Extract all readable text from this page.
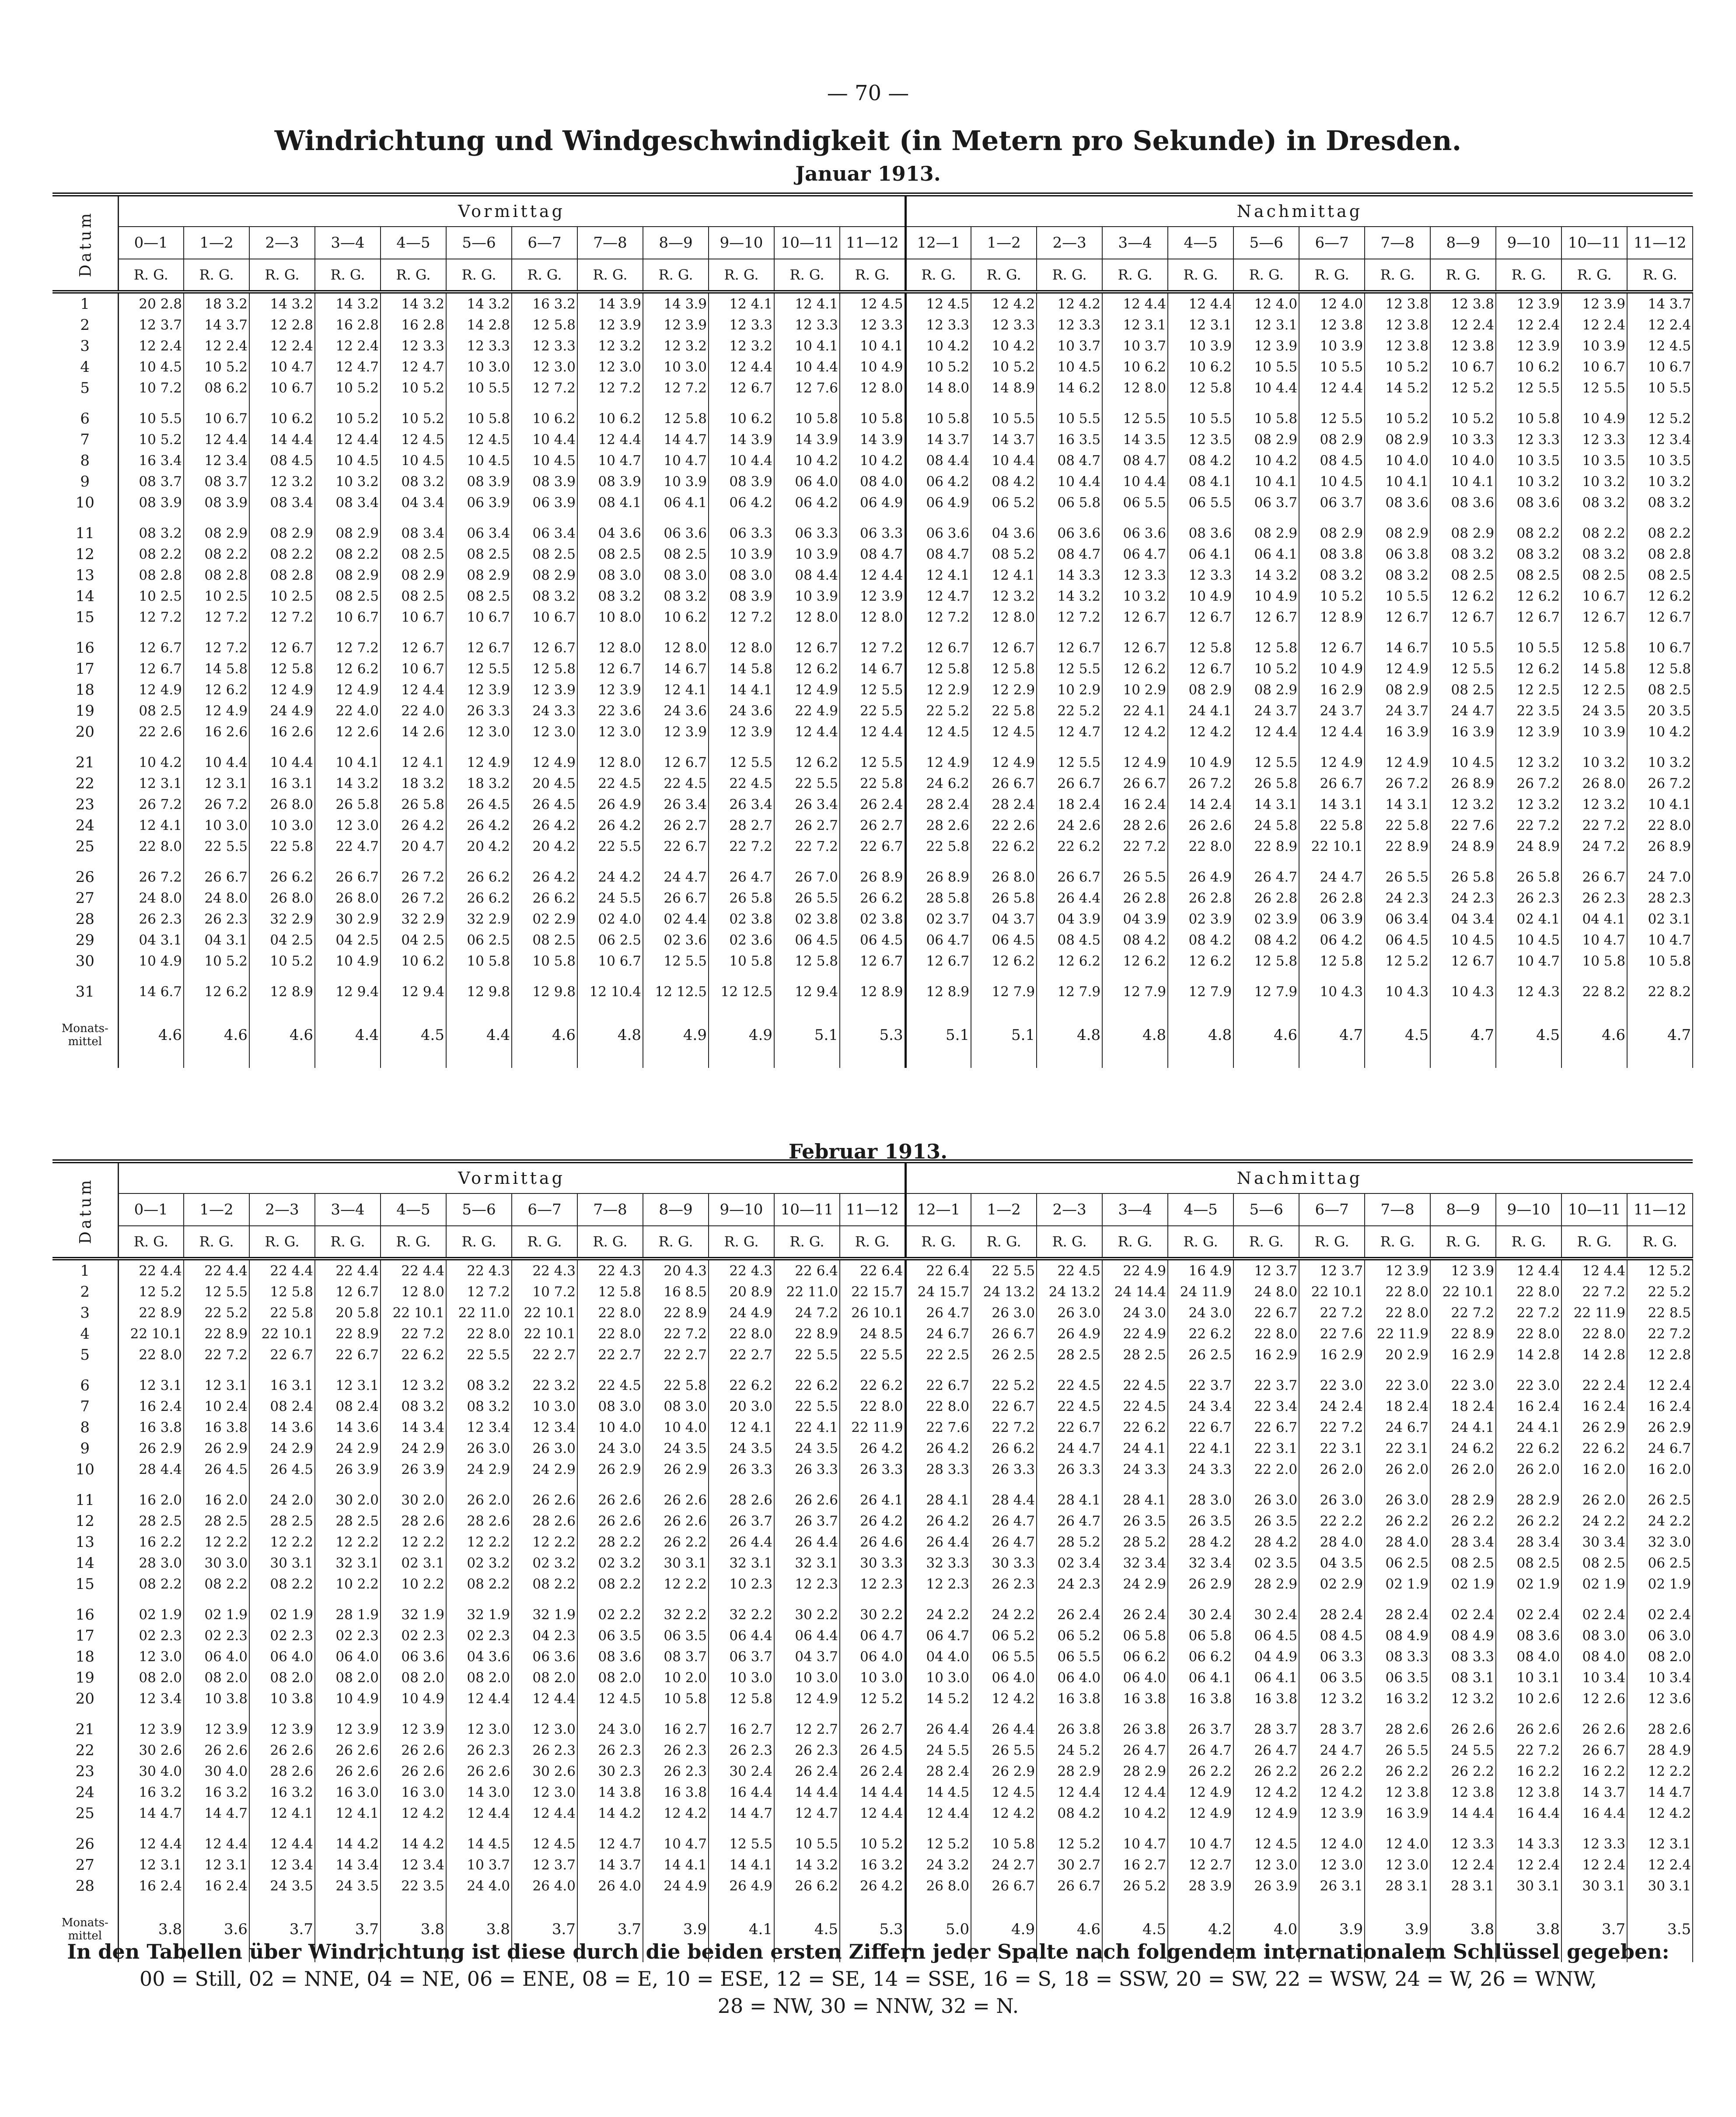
— 70 —
Windrichtung und Windgeschwindigkeit (in Metern pro Sekunde) in Dresden.
Januar 1913.
Datum	Vormittag												Nachmittag											
	0—1	1—2	2—3	3—4	4—5	5—6	6—7	7—8	8—9	9—10	10—11	11—12	12—1	1—2	2—3	3—4	4—5	5—6	6—7	7—8	8—9	9—10	10—11	11—12
	R. G.	R. G.	R. G.	R. G.	R. G.	R. G.	R. G.	R. G.	R. G.	R. G.	R. G.	R. G.	R. G.	R. G.	R. G.	R. G.	R. G.	R. G.	R. G.	R. G.	R. G.	R. G.	R. G.	R. G.
1	20 2.8	18 3.2	14 3.2	14 3.2	14 3.2	14 3.2	16 3.2	14 3.9	14 3.9	12 4.1	12 4.1	12 4.5	12 4.5	12 4.2	12 4.2	12 4.4	12 4.4	12 4.0	12 4.0	12 3.8	12 3.8	12 3.9	12 3.9	14 3.7
2	12 3.7	14 3.7	12 2.8	16 2.8	16 2.8	14 2.8	12 5.8	12 3.9	12 3.9	12 3.3	12 3.3	12 3.3	12 3.3	12 3.3	12 3.3	12 3.1	12 3.1	12 3.1	12 3.8	12 3.8	12 2.4	12 2.4	12 2.4	12 2.4
3	12 2.4	12 2.4	12 2.4	12 2.4	12 3.3	12 3.3	12 3.3	12 3.2	12 3.2	12 3.2	10 4.1	10 4.1	10 4.2	10 4.2	10 3.7	10 3.7	10 3.9	12 3.9	10 3.9	12 3.8	12 3.8	12 3.9	10 3.9	12 4.5
4	10 4.5	10 5.2	10 4.7	12 4.7	12 4.7	10 3.0	12 3.0	12 3.0	10 3.0	12 4.4	10 4.4	10 4.9	10 5.2	10 5.2	10 4.5	10 6.2	10 6.2	10 5.5	10 5.5	10 5.2	10 6.7	10 6.2	10 6.7	10 6.7
5	10 7.2	08 6.2	10 6.7	10 5.2	10 5.2	10 5.5	12 7.2	12 7.2	12 7.2	12 6.7	12 7.6	12 8.0	14 8.0	14 8.9	14 6.2	12 8.0	12 5.8	10 4.4	12 4.4	14 5.2	12 5.2	12 5.5	12 5.5	10 5.5

6	10 5.5	10 6.7	10 6.2	10 5.2	10 5.2	10 5.8	10 6.2	10 6.2	12 5.8	10 6.2	10 5.8	10 5.8	10 5.8	10 5.5	10 5.5	12 5.5	10 5.5	10 5.8	12 5.5	10 5.2	10 5.2	10 5.8	10 4.9	12 5.2
7	10 5.2	12 4.4	14 4.4	12 4.4	12 4.5	12 4.5	10 4.4	12 4.4	14 4.7	14 3.9	14 3.9	14 3.9	14 3.7	14 3.7	16 3.5	14 3.5	12 3.5	08 2.9	08 2.9	08 2.9	10 3.3	12 3.3	12 3.3	12 3.4
8	16 3.4	12 3.4	08 4.5	10 4.5	10 4.5	10 4.5	10 4.5	10 4.7	10 4.7	10 4.4	10 4.2	10 4.2	08 4.4	10 4.4	08 4.7	08 4.7	08 4.2	10 4.2	08 4.5	10 4.0	10 4.0	10 3.5	10 3.5	10 3.5
9	08 3.7	08 3.7	12 3.2	10 3.2	08 3.2	08 3.9	08 3.9	08 3.9	10 3.9	08 3.9	06 4.0	08 4.0	06 4.2	08 4.2	10 4.4	10 4.4	08 4.1	10 4.1	10 4.5	10 4.1	10 4.1	10 3.2	10 3.2	10 3.2
10	08 3.9	08 3.9	08 3.4	08 3.4	04 3.4	06 3.9	06 3.9	08 4.1	06 4.1	06 4.2	06 4.2	06 4.9	06 4.9	06 5.2	06 5.8	06 5.5	06 5.5	06 3.7	06 3.7	08 3.6	08 3.6	08 3.6	08 3.2	08 3.2

11	08 3.2	08 2.9	08 2.9	08 2.9	08 3.4	06 3.4	06 3.4	04 3.6	06 3.6	06 3.3	06 3.3	06 3.3	06 3.6	04 3.6	06 3.6	06 3.6	08 3.6	08 2.9	08 2.9	08 2.9	08 2.9	08 2.2	08 2.2	08 2.2
12	08 2.2	08 2.2	08 2.2	08 2.2	08 2.5	08 2.5	08 2.5	08 2.5	08 2.5	10 3.9	10 3.9	08 4.7	08 4.7	08 5.2	08 4.7	06 4.7	06 4.1	06 4.1	08 3.8	06 3.8	08 3.2	08 3.2	08 3.2	08 2.8
13	08 2.8	08 2.8	08 2.8	08 2.9	08 2.9	08 2.9	08 2.9	08 3.0	08 3.0	08 3.0	08 4.4	12 4.4	12 4.1	12 4.1	14 3.3	12 3.3	12 3.3	14 3.2	08 3.2	08 3.2	08 2.5	08 2.5	08 2.5	08 2.5
14	10 2.5	10 2.5	10 2.5	08 2.5	08 2.5	08 2.5	08 3.2	08 3.2	08 3.2	08 3.9	10 3.9	12 3.9	12 4.7	12 3.2	14 3.2	10 3.2	10 4.9	10 4.9	10 5.2	10 5.5	12 6.2	12 6.2	10 6.7	12 6.2
15	12 7.2	12 7.2	12 7.2	10 6.7	10 6.7	10 6.7	10 6.7	10 8.0	10 6.2	12 7.2	12 8.0	12 8.0	12 7.2	12 8.0	12 7.2	12 6.7	12 6.7	12 6.7	12 8.9	12 6.7	12 6.7	12 6.7	12 6.7	12 6.7

16	12 6.7	12 7.2	12 6.7	12 7.2	12 6.7	12 6.7	12 6.7	12 8.0	12 8.0	12 8.0	12 6.7	12 7.2	12 6.7	12 6.7	12 6.7	12 6.7	12 5.8	12 5.8	12 6.7	14 6.7	10 5.5	10 5.5	12 5.8	10 6.7
17	12 6.7	14 5.8	12 5.8	12 6.2	10 6.7	12 5.5	12 5.8	12 6.7	14 6.7	14 5.8	12 6.2	14 6.7	12 5.8	12 5.8	12 5.5	12 6.2	12 6.7	10 5.2	10 4.9	12 4.9	12 5.5	12 6.2	14 5.8	12 5.8
18	12 4.9	12 6.2	12 4.9	12 4.9	12 4.4	12 3.9	12 3.9	12 3.9	12 4.1	14 4.1	12 4.9	12 5.5	12 2.9	12 2.9	10 2.9	10 2.9	08 2.9	08 2.9	16 2.9	08 2.9	08 2.5	12 2.5	12 2.5	08 2.5
19	08 2.5	12 4.9	24 4.9	22 4.0	22 4.0	26 3.3	24 3.3	22 3.6	24 3.6	24 3.6	22 4.9	22 5.5	22 5.2	22 5.8	22 5.2	22 4.1	24 4.1	24 3.7	24 3.7	24 3.7	24 4.7	22 3.5	24 3.5	20 3.5
20	22 2.6	16 2.6	16 2.6	12 2.6	14 2.6	12 3.0	12 3.0	12 3.0	12 3.9	12 3.9	12 4.4	12 4.4	12 4.5	12 4.5	12 4.7	12 4.2	12 4.2	12 4.4	12 4.4	16 3.9	16 3.9	12 3.9	10 3.9	10 4.2

21	10 4.2	10 4.4	10 4.4	10 4.1	12 4.1	12 4.9	12 4.9	12 8.0	12 6.7	12 5.5	12 6.2	12 5.5	12 4.9	12 4.9	12 5.5	12 4.9	10 4.9	12 5.5	12 4.9	12 4.9	10 4.5	12 3.2	10 3.2	10 3.2
22	12 3.1	12 3.1	16 3.1	14 3.2	18 3.2	18 3.2	20 4.5	22 4.5	22 4.5	22 4.5	22 5.5	22 5.8	24 6.2	26 6.7	26 6.7	26 6.7	26 7.2	26 5.8	26 6.7	26 7.2	26 8.9	26 7.2	26 8.0	26 7.2
23	26 7.2	26 7.2	26 8.0	26 5.8	26 5.8	26 4.5	26 4.5	26 4.9	26 3.4	26 3.4	26 3.4	26 2.4	28 2.4	28 2.4	18 2.4	16 2.4	14 2.4	14 3.1	14 3.1	14 3.1	12 3.2	12 3.2	12 3.2	10 4.1
24	12 4.1	10 3.0	10 3.0	12 3.0	26 4.2	26 4.2	26 4.2	26 4.2	26 2.7	28 2.7	26 2.7	26 2.7	28 2.6	22 2.6	24 2.6	28 2.6	26 2.6	24 5.8	22 5.8	22 5.8	22 7.6	22 7.2	22 7.2	22 8.0
25	22 8.0	22 5.5	22 5.8	22 4.7	20 4.7	20 4.2	20 4.2	22 5.5	22 6.7	22 7.2	22 7.2	22 6.7	22 5.8	22 6.2	22 6.2	22 7.2	22 8.0	22 8.9	22 10.1	22 8.9	24 8.9	24 8.9	24 7.2	26 8.9

26	26 7.2	26 6.7	26 6.2	26 6.7	26 7.2	26 6.2	26 4.2	24 4.2	24 4.7	26 4.7	26 7.0	26 8.9	26 8.9	26 8.0	26 6.7	26 5.5	26 4.9	26 4.7	24 4.7	26 5.5	26 5.8	26 5.8	26 6.7	24 7.0
27	24 8.0	24 8.0	26 8.0	26 8.0	26 7.2	26 6.2	26 6.2	24 5.5	26 6.7	26 5.8	26 5.5	26 6.2	28 5.8	26 5.8	26 4.4	26 2.8	26 2.8	26 2.8	26 2.8	24 2.3	24 2.3	26 2.3	26 2.3	28 2.3
28	26 2.3	26 2.3	32 2.9	30 2.9	32 2.9	32 2.9	02 2.9	02 4.0	02 4.4	02 3.8	02 3.8	02 3.8	02 3.7	04 3.7	04 3.9	04 3.9	02 3.9	02 3.9	06 3.9	06 3.4	04 3.4	02 4.1	04 4.1	02 3.1
29	04 3.1	04 3.1	04 2.5	04 2.5	04 2.5	06 2.5	08 2.5	06 2.5	02 3.6	02 3.6	06 4.5	06 4.5	06 4.7	06 4.5	08 4.5	08 4.2	08 4.2	08 4.2	06 4.2	06 4.5	10 4.5	10 4.5	10 4.7	10 4.7
30	10 4.9	10 5.2	10 5.2	10 4.9	10 6.2	10 5.8	10 5.8	10 6.7	12 5.5	10 5.8	12 5.8	12 6.7	12 6.7	12 6.2	12 6.2	12 6.2	12 6.2	12 5.8	12 5.8	12 5.2	12 6.7	10 4.7	10 5.8	10 5.8

31	14 6.7	12 6.2	12 8.9	12 9.4	12 9.4	12 9.8	12 9.8	12 10.4	12 12.5	12 12.5	12 9.4	12 8.9	12 8.9	12 7.9	12 7.9	12 7.9	12 7.9	12 7.9	10 4.3	10 4.3	10 4.3	12 4.3	22 8.2	22 8.2
Monats-
mittel	4.6	4.6	4.6	4.4	4.5	4.4	4.6	4.8	4.9	4.9	5.1	5.3	5.1	5.1	4.8	4.8	4.8	4.6	4.7	4.5	4.7	4.5	4.6	4.7
Februar 1913.
Datum	Vormittag												Nachmittag											
	0—1	1—2	2—3	3—4	4—5	5—6	6—7	7—8	8—9	9—10	10—11	11—12	12—1	1—2	2—3	3—4	4—5	5—6	6—7	7—8	8—9	9—10	10—11	11—12
	R. G.	R. G.	R. G.	R. G.	R. G.	R. G.	R. G.	R. G.	R. G.	R. G.	R. G.	R. G.	R. G.	R. G.	R. G.	R. G.	R. G.	R. G.	R. G.	R. G.	R. G.	R. G.	R. G.	R. G.
1	22 4.4	22 4.4	22 4.4	22 4.4	22 4.4	22 4.3	22 4.3	22 4.3	20 4.3	22 4.3	22 6.4	22 6.4	22 6.4	22 5.5	22 4.5	22 4.9	16 4.9	12 3.7	12 3.7	12 3.9	12 3.9	12 4.4	12 4.4	12 5.2
2	12 5.2	12 5.5	12 5.8	12 6.7	12 8.0	12 7.2	10 7.2	12 5.8	16 8.5	20 8.9	22 11.0	22 15.7	24 15.7	24 13.2	24 13.2	24 14.4	24 11.9	24 8.0	22 10.1	22 8.0	22 10.1	22 8.0	22 7.2	22 5.2
3	22 8.9	22 5.2	22 5.8	20 5.8	22 10.1	22 11.0	22 10.1	22 8.0	22 8.9	24 4.9	24 7.2	26 10.1	26 4.7	26 3.0	26 3.0	24 3.0	24 3.0	22 6.7	22 7.2	22 8.0	22 7.2	22 7.2	22 11.9	22 8.5
4	22 10.1	22 8.9	22 10.1	22 8.9	22 7.2	22 8.0	22 10.1	22 8.0	22 7.2	22 8.0	22 8.9	24 8.5	24 6.7	26 6.7	26 4.9	22 4.9	22 6.2	22 8.0	22 7.6	22 11.9	22 8.9	22 8.0	22 8.0	22 7.2
5	22 8.0	22 7.2	22 6.7	22 6.7	22 6.2	22 5.5	22 2.7	22 2.7	22 2.7	22 2.7	22 5.5	22 5.5	22 2.5	26 2.5	28 2.5	28 2.5	26 2.5	16 2.9	16 2.9	20 2.9	16 2.9	14 2.8	14 2.8	12 2.8

6	12 3.1	12 3.1	16 3.1	12 3.1	12 3.2	08 3.2	22 3.2	22 4.5	22 5.8	22 6.2	22 6.2	22 6.2	22 6.7	22 5.2	22 4.5	22 4.5	22 3.7	22 3.7	22 3.0	22 3.0	22 3.0	22 3.0	22 2.4	12 2.4
7	16 2.4	10 2.4	08 2.4	08 2.4	08 3.2	08 3.2	10 3.0	08 3.0	08 3.0	20 3.0	22 5.5	22 8.0	22 8.0	22 6.7	22 4.5	22 4.5	24 3.4	22 3.4	24 2.4	18 2.4	18 2.4	16 2.4	16 2.4	16 2.4
8	16 3.8	16 3.8	14 3.6	14 3.6	14 3.4	12 3.4	12 3.4	10 4.0	10 4.0	12 4.1	22 4.1	22 11.9	22 7.6	22 7.2	22 6.7	22 6.2	22 6.7	22 6.7	22 7.2	24 6.7	24 4.1	24 4.1	26 2.9	26 2.9
9	26 2.9	26 2.9	24 2.9	24 2.9	24 2.9	26 3.0	26 3.0	24 3.0	24 3.5	24 3.5	24 3.5	26 4.2	26 4.2	26 6.2	24 4.7	24 4.1	22 4.1	22 3.1	22 3.1	22 3.1	24 6.2	22 6.2	22 6.2	24 6.7
10	28 4.4	26 4.5	26 4.5	26 3.9	26 3.9	24 2.9	24 2.9	26 2.9	26 2.9	26 3.3	26 3.3	26 3.3	28 3.3	26 3.3	26 3.3	24 3.3	24 3.3	22 2.0	26 2.0	26 2.0	26 2.0	26 2.0	16 2.0	16 2.0

11	16 2.0	16 2.0	24 2.0	30 2.0	30 2.0	26 2.0	26 2.6	26 2.6	26 2.6	28 2.6	26 2.6	26 4.1	28 4.1	28 4.4	28 4.1	28 4.1	28 3.0	26 3.0	26 3.0	26 3.0	28 2.9	28 2.9	26 2.0	26 2.5
12	28 2.5	28 2.5	28 2.5	28 2.5	28 2.6	28 2.6	28 2.6	26 2.6	26 2.6	26 3.7	26 3.7	26 4.2	26 4.2	26 4.7	26 4.7	26 3.5	26 3.5	26 3.5	22 2.2	26 2.2	26 2.2	26 2.2	24 2.2	24 2.2
13	16 2.2	12 2.2	12 2.2	12 2.2	12 2.2	12 2.2	12 2.2	28 2.2	26 2.2	26 4.4	26 4.4	26 4.6	26 4.4	26 4.7	28 5.2	28 5.2	28 4.2	28 4.2	28 4.0	28 4.0	28 3.4	28 3.4	30 3.4	32 3.0
14	28 3.0	30 3.0	30 3.1	32 3.1	02 3.1	02 3.2	02 3.2	02 3.2	30 3.1	32 3.1	32 3.1	30 3.3	32 3.3	30 3.3	02 3.4	32 3.4	32 3.4	02 3.5	04 3.5	06 2.5	08 2.5	08 2.5	08 2.5	06 2.5
15	08 2.2	08 2.2	08 2.2	10 2.2	10 2.2	08 2.2	08 2.2	08 2.2	12 2.2	10 2.3	12 2.3	12 2.3	12 2.3	26 2.3	24 2.3	24 2.9	26 2.9	28 2.9	02 2.9	02 1.9	02 1.9	02 1.9	02 1.9	02 1.9

16	02 1.9	02 1.9	02 1.9	28 1.9	32 1.9	32 1.9	32 1.9	02 2.2	32 2.2	32 2.2	30 2.2	30 2.2	24 2.2	24 2.2	26 2.4	26 2.4	30 2.4	30 2.4	28 2.4	28 2.4	02 2.4	02 2.4	02 2.4	02 2.4
17	02 2.3	02 2.3	02 2.3	02 2.3	02 2.3	02 2.3	04 2.3	06 3.5	06 3.5	06 4.4	06 4.4	06 4.7	06 4.7	06 5.2	06 5.2	06 5.8	06 5.8	06 4.5	08 4.5	08 4.9	08 4.9	08 3.6	08 3.0	06 3.0
18	12 3.0	06 4.0	06 4.0	06 4.0	06 3.6	04 3.6	06 3.6	08 3.6	08 3.7	06 3.7	04 3.7	06 4.0	04 4.0	06 5.5	06 5.5	06 6.2	06 6.2	04 4.9	06 3.3	08 3.3	08 3.3	08 4.0	08 4.0	08 2.0
19	08 2.0	08 2.0	08 2.0	08 2.0	08 2.0	08 2.0	08 2.0	08 2.0	10 2.0	10 3.0	10 3.0	10 3.0	10 3.0	06 4.0	06 4.0	06 4.0	06 4.1	06 4.1	06 3.5	06 3.5	08 3.1	10 3.1	10 3.4	10 3.4
20	12 3.4	10 3.8	10 3.8	10 4.9	10 4.9	12 4.4	12 4.4	12 4.5	10 5.8	12 5.8	12 4.9	12 5.2	14 5.2	12 4.2	16 3.8	16 3.8	16 3.8	16 3.8	12 3.2	16 3.2	12 3.2	10 2.6	12 2.6	12 3.6

21	12 3.9	12 3.9	12 3.9	12 3.9	12 3.9	12 3.0	12 3.0	24 3.0	16 2.7	16 2.7	12 2.7	26 2.7	26 4.4	26 4.4	26 3.8	26 3.8	26 3.7	28 3.7	28 3.7	28 2.6	26 2.6	26 2.6	26 2.6	28 2.6
22	30 2.6	26 2.6	26 2.6	26 2.6	26 2.6	26 2.3	26 2.3	26 2.3	26 2.3	26 2.3	26 2.3	26 4.5	24 5.5	26 5.5	24 5.2	26 4.7	26 4.7	26 4.7	24 4.7	26 5.5	24 5.5	22 7.2	26 6.7	28 4.9
23	30 4.0	30 4.0	28 2.6	26 2.6	26 2.6	26 2.6	30 2.6	30 2.3	26 2.3	30 2.4	26 2.4	26 2.4	28 2.4	26 2.9	28 2.9	28 2.9	26 2.2	26 2.2	26 2.2	26 2.2	26 2.2	16 2.2	16 2.2	12 2.2
24	16 3.2	16 3.2	16 3.2	16 3.0	16 3.0	14 3.0	12 3.0	14 3.8	16 3.8	16 4.4	14 4.4	14 4.4	14 4.5	12 4.5	12 4.4	12 4.4	12 4.9	12 4.2	12 4.2	12 3.8	12 3.8	12 3.8	14 3.7	14 4.7
25	14 4.7	14 4.7	12 4.1	12 4.1	12 4.2	12 4.4	12 4.4	14 4.2	12 4.2	14 4.7	12 4.7	12 4.4	12 4.4	12 4.2	08 4.2	10 4.2	12 4.9	12 4.9	12 3.9	16 3.9	14 4.4	16 4.4	16 4.4	12 4.2

26	12 4.4	12 4.4	12 4.4	14 4.2	14 4.2	14 4.5	12 4.5	12 4.7	10 4.7	12 5.5	10 5.5	10 5.2	12 5.2	10 5.8	12 5.2	10 4.7	10 4.7	12 4.5	12 4.0	12 4.0	12 3.3	14 3.3	12 3.3	12 3.1
27	12 3.1	12 3.1	12 3.4	14 3.4	12 3.4	10 3.7	12 3.7	14 3.7	14 4.1	14 4.1	14 3.2	16 3.2	24 3.2	24 2.7	30 2.7	16 2.7	12 2.7	12 3.0	12 3.0	12 3.0	12 2.4	12 2.4	12 2.4	12 2.4
28	16 2.4	16 2.4	24 3.5	24 3.5	22 3.5	24 4.0	26 4.0	26 4.0	24 4.9	26 4.9	26 6.2	26 4.2	26 8.0	26 6.7	26 6.7	26 5.2	28 3.9	26 3.9	26 3.1	28 3.1	28 3.1	30 3.1	30 3.1	30 3.1
Monats-
mittel	3.8	3.6	3.7	3.7	3.8	3.8	3.7	3.7	3.9	4.1	4.5	5.3	5.0	4.9	4.6	4.5	4.2	4.0	3.9	3.9	3.8	3.8	3.7	3.5
In den Tabellen über Windrichtung ist diese durch die beiden ersten Ziffern jeder Spalte nach folgendem internationalem Schlüssel gegeben:
00 = Still, 02 = NNE, 04 = NE, 06 = ENE, 08 = E, 10 = ESE, 12 = SE, 14 = SSE, 16 = S, 18 = SSW, 20 = SW, 22 = WSW, 24 = W, 26 = WNW,
28 = NW, 30 = NNW, 32 = N.
